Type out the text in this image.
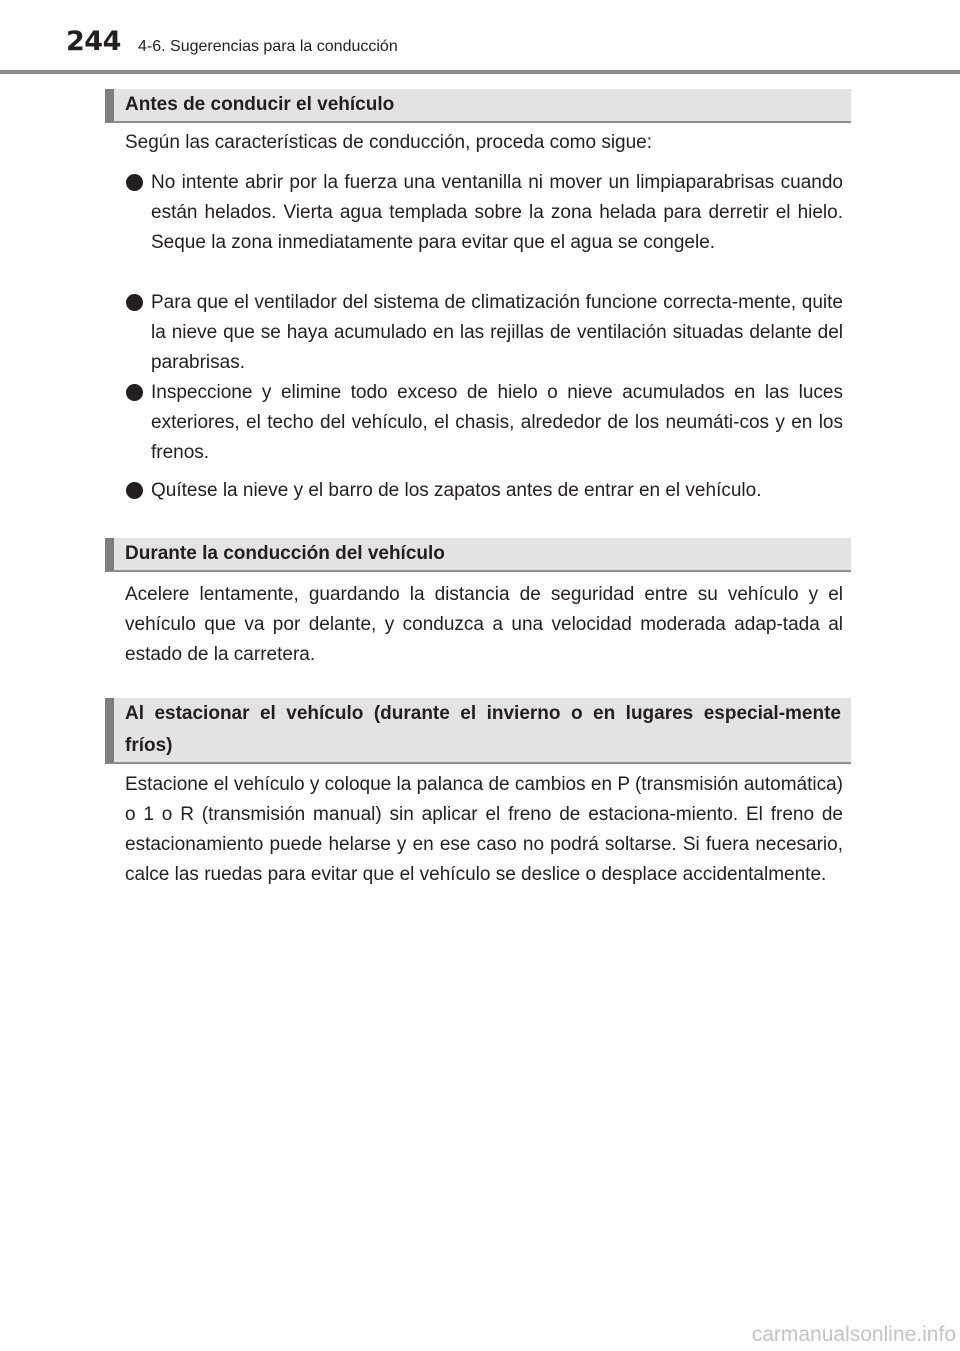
244 4-6. Sugerencias para la conducción
Antes de conducir el vehículo

Según las características de conducción, proceda como sigue:

No intente abrir por la fuerza una ventanilla ni mover un limpiaparabrisas cuando están helados. Vierta agua templada sobre la zona helada para derretir el hielo. Seque la zona inmediatamente para evitar que el agua se congele.
Para que el ventilador del sistema de climatización funcione correcta-mente, quite la nieve que se haya acumulado en las rejillas de ventilación situadas delante del parabrisas.
Inspeccione y elimine todo exceso de hielo o nieve acumulados en las luces exteriores, el techo del vehículo, el chasis, alrededor de los neumáti-cos y en los frenos.
Quítese la nieve y el barro de los zapatos antes de entrar en el vehículo.
Durante la conducción del vehículo

Acelere lentamente, guardando la distancia de seguridad entre su vehículo y el vehículo que va por delante, y conduzca a una velocidad moderada adap-tada al estado de la carretera.

Al estacionar el vehículo (durante el invierno o en lugares especial-mente fríos)

Estacione el vehículo y coloque la palanca de cambios en P (transmisión automática) o 1 o R (transmisión manual) sin aplicar el freno de estaciona-miento. El freno de estacionamiento puede helarse y en ese caso no podrá soltarse. Si fuera necesario, calce las ruedas para evitar que el vehículo se deslice o desplace accidentalmente.

carmanualsonline.info
